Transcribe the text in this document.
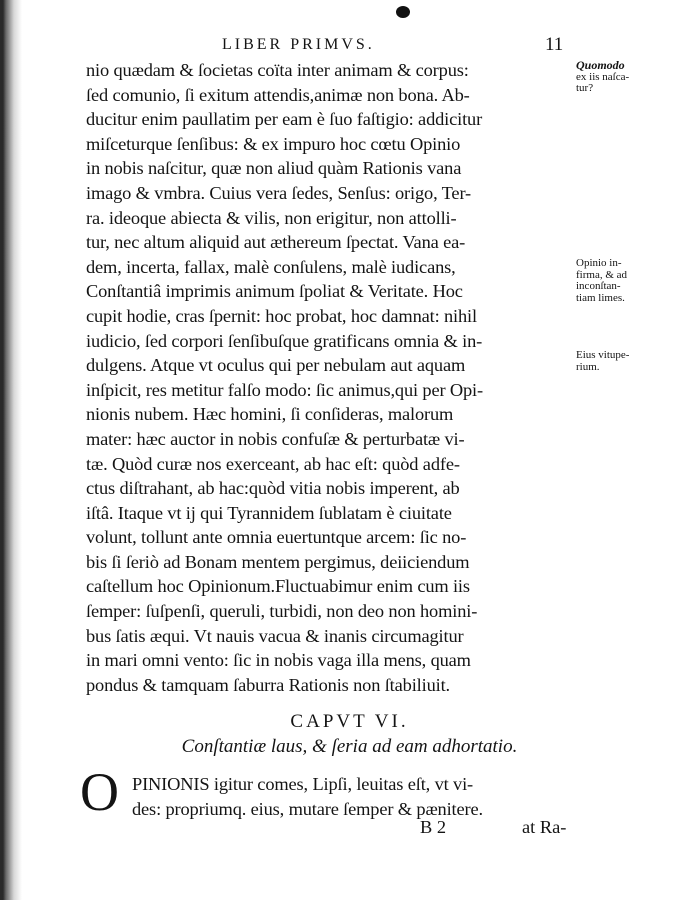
LIBER PRIMVS.	11
nio quædam & ſocietas coïta inter animam & corpus:
ſed comunio, ſi exitum attendis,animæ non bona. Ab-
ducitur enim paullatim per eam è ſuo faſtigio: addicitur
miſceturque ſenſibus: & ex impuro hoc cœtu Opinio
in nobis naſcitur, quæ non aliud quàm Rationis vana
imago & vmbra. Cuius vera ſedes, Senſus: origo, Ter-
ra. ideoque abiecta & vilis, non erigitur, non attolli-
tur, nec altum aliquid aut æthereum ſpectat. Vana ea-
dem, incerta, fallax, malè conſulens, malè iudicans,
Conſtantiâ imprimis animum ſpoliat & Veritate. Hoc
cupit hodie, cras ſpernit: hoc probat, hoc damnat: nihil
iudicio, ſed corpori ſenſibuſque gratificans omnia & in-
dulgens. Atque vt oculus qui per nebulam aut aquam
inſpicit, res metitur falſo modo: ſic animus,qui per Opi-
nionis nubem. Hæc homini, ſi conſideras, malorum
mater: hæc auctor in nobis confuſæ & perturbatæ vi-
tæ. Quòd curæ nos exerceant, ab hac eſt: quòd adfe-
ctus diſtrahant, ab hac:quòd vitia nobis imperent, ab
iſtâ. Itaque vt ij qui Tyrannidem ſublatam è ciuitate
volunt, tollunt ante omnia euertuntque arcem: ſic no-
bis ſi ſeriò ad Bonam mentem pergimus, deiiciendum
caſtellum hoc Opinionum.Fluctuabimur enim cum iis
ſemper: ſuſpenſi, queruli, turbidi, non deo non homini-
bus ſatis æqui. Vt nauis vacua & inanis circumagitur
in mari omni vento: ſic in nobis vaga illa mens, quam
pondus & tamquam ſaburra Rationis non ſtabiliuit.
Quomodo
ex iis naſca-
tur?
Opinio in-
firma, & ad
inconſtan-
tiam limes.
Eius vitupe-
rium.
CAPVT VI.
Conſtantiæ laus, & ſeria ad eam adhortatio.
O PINIONIS igitur comes, Lipſi, leuitas eſt, vt vi-
des: propriumq. eius, mutare ſemper & pænitere.
B 2	at Ra-
